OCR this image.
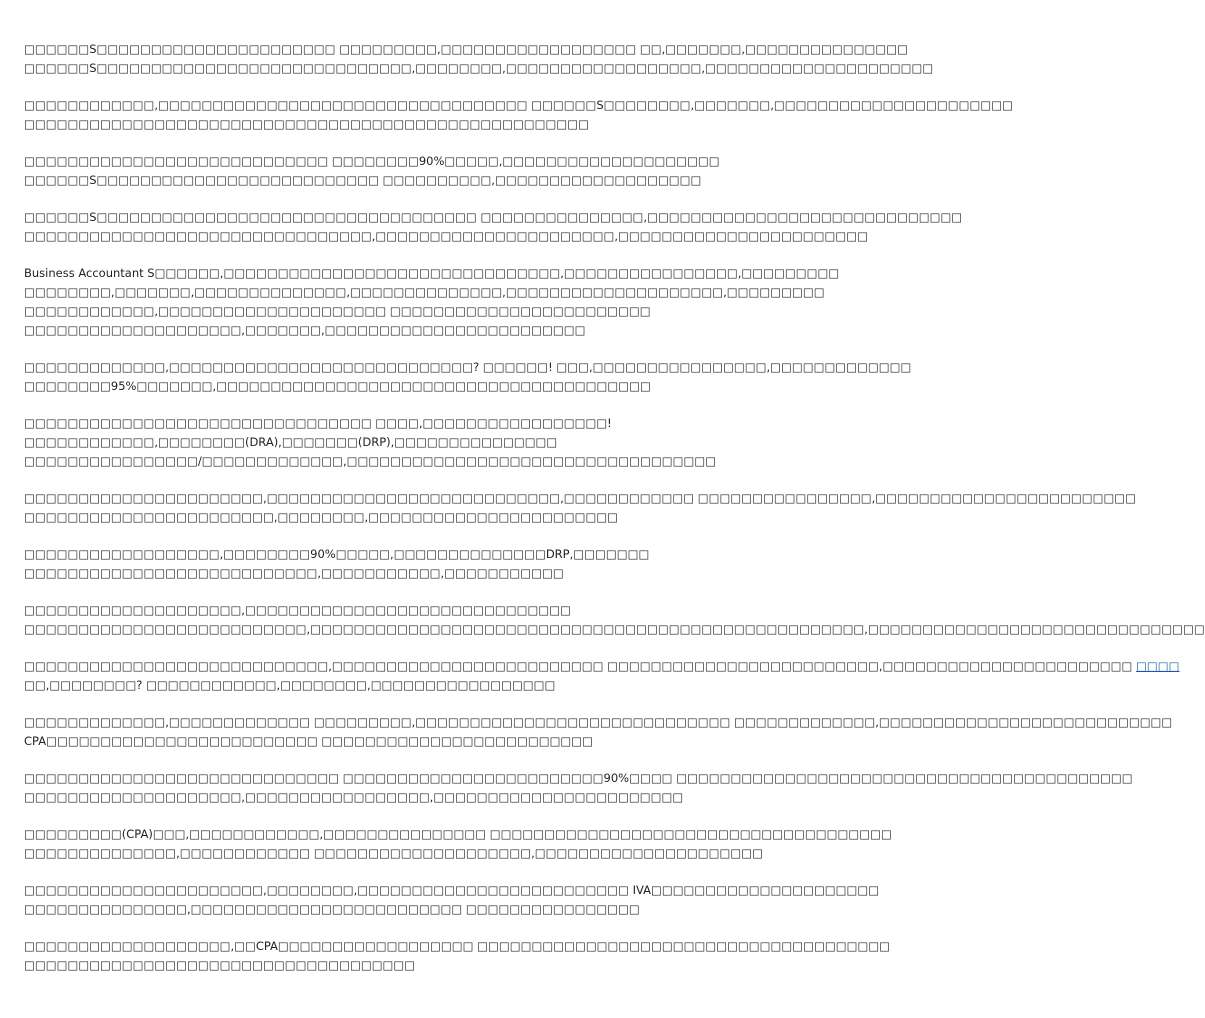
□□□□□□S□□□□□□□□□□□□□□□□□□□□□□ □□□□□□□□□,□□□□□□□□□□□□□□□□□□ □□,□□□□□□□,□□□□□□□□□□□□□□□
□□□□□□S□□□□□□□□□□□□□□□□□□□□□□□□□□□□□,□□□□□□□□,□□□□□□□□□□□□□□□□□□,□□□□□□□□□□□□□□□□□□□□□

□□□□□□□□□□□□,□□□□□□□□□□□□□□□□□□□□□□□□□□□□□□□□□□ □□□□□□S□□□□□□□□,□□□□□□□,□□□□□□□□□□□□□□□□□□□□□□
□□□□□□□□□□□□□□□□□□□□□□□□□□□□□□□□□□□□□□□□□□□□□□□□□□□□

□□□□□□□□□□□□□□□□□□□□□□□□□□□□ □□□□□□□□90%□□□□□,□□□□□□□□□□□□□□□□□□□□
□□□□□□S□□□□□□□□□□□□□□□□□□□□□□□□□□ □□□□□□□□□□,□□□□□□□□□□□□□□□□□□□

□□□□□□S□□□□□□□□□□□□□□□□□□□□□□□□□□□□□□□□□□□ □□□□□□□□□□□□□□□,□□□□□□□□□□□□□□□□□□□□□□□□□□□□□
□□□□□□□□□□□□□□□□□□□□□□□□□□□□□□□□,□□□□□□□□□□□□□□□□□□□□□□,□□□□□□□□□□□□□□□□□□□□□□□

Business Accountant S□□□□□□,□□□□□□□□□□□□□□□□□□□□□□□□□□□□□□□,□□□□□□□□□□□□□□□□,□□□□□□□□□
□□□□□□□□,□□□□□□□,□□□□□□□□□□□□□□,□□□□□□□□□□□□□□,□□□□□□□□□□□□□□□□□□□□,□□□□□□□□□
□□□□□□□□□□□□,□□□□□□□□□□□□□□□□□□□□□ □□□□□□□□□□□□□□□□□□□□□□□□
□□□□□□□□□□□□□□□□□□□□,□□□□□□□,□□□□□□□□□□□□□□□□□□□□□□□□

□□□□□□□□□□□□□,□□□□□□□□□□□□□□□□□□□□□□□□□□□□? □□□□□□! □□□,□□□□□□□□□□□□□□□□,□□□□□□□□□□□□□
□□□□□□□□95%□□□□□□□,□□□□□□□□□□□□□□□□□□□□□□□□□□□□□□□□□□□□□□□□

□□□□□□□□□□□□□□□□□□□□□□□□□□□□□□□□ □□□□,□□□□□□□□□□□□□□□□□!
□□□□□□□□□□□□,□□□□□□□□(DRA),□□□□□□□(DRP),□□□□□□□□□□□□□□□
□□□□□□□□□□□□□□□□/□□□□□□□□□□□□□,□□□□□□□□□□□□□□□□□□□□□□□□□□□□□□□□□□

□□□□□□□□□□□□□□□□□□□□□□,□□□□□□□□□□□□□□□□□□□□□□□□□□□,□□□□□□□□□□□□ □□□□□□□□□□□□□□□□,□□□□□□□□□□□□□□□□□□□□□□□□
□□□□□□□□□□□□□□□□□□□□□□□,□□□□□□□□,□□□□□□□□□□□□□□□□□□□□□□□

□□□□□□□□□□□□□□□□□□,□□□□□□□□90%□□□□□,□□□□□□□□□□□□□□DRP,□□□□□□□
□□□□□□□□□□□□□□□□□□□□□□□□□□□,□□□□□□□□□□□,□□□□□□□□□□□

□□□□□□□□□□□□□□□□□□□□,□□□□□□□□□□□□□□□□□□□□□□□□□□□□□□
□□□□□□□□□□□□□□□□□□□□□□□□□□,□□□□□□□□□□□□□□□□□□□□□□□□□□□□□□□□□□□□□□□□□□□□□□□□□□□,□□□□□□□□□□□□□□□□□□□□□□□□□□□□□□□

□□□□□□□□□□□□□□□□□□□□□□□□□□□□,□□□□□□□□□□□□□□□□□□□□□□□□□ □□□□□□□□□□□□□□□□□□□□□□□□□,□□□□□□□□□□□□□□□□□□□□□□□ □□□□
□□,□□□□□□□□? □□□□□□□□□□□□,□□□□□□□□,□□□□□□□□□□□□□□□□□

□□□□□□□□□□□□□,□□□□□□□□□□□□□ □□□□□□□□□,□□□□□□□□□□□□□□□□□□□□□□□□□□□□□ □□□□□□□□□□□□□,□□□□□□□□□□□□□□□□□□□□□□□□□□□
CPA□□□□□□□□□□□□□□□□□□□□□□□□□ □□□□□□□□□□□□□□□□□□□□□□□□□

□□□□□□□□□□□□□□□□□□□□□□□□□□□□□ □□□□□□□□□□□□□□□□□□□□□□□□90%□□□□ □□□□□□□□□□□□□□□□□□□□□□□□□□□□□□□□□□□□□□□□□□
□□□□□□□□□□□□□□□□□□□□,□□□□□□□□□□□□□□□□□,□□□□□□□□□□□□□□□□□□□□□□□

□□□□□□□□□(CPA)□□□,□□□□□□□□□□□□,□□□□□□□□□□□□□□□ □□□□□□□□□□□□□□□□□□□□□□□□□□□□□□□□□□□□□
□□□□□□□□□□□□□□,□□□□□□□□□□□□ □□□□□□□□□□□□□□□□□□□□,□□□□□□□□□□□□□□□□□□□□□

□□□□□□□□□□□□□□□□□□□□□□,□□□□□□□□,□□□□□□□□□□□□□□□□□□□□□□□□□ IVA□□□□□□□□□□□□□□□□□□□□□
□□□□□□□□□□□□□□□,□□□□□□□□□□□□□□□□□□□□□□□□□ □□□□□□□□□□□□□□□□

□□□□□□□□□□□□□□□□□□□,□□CPA□□□□□□□□□□□□□□□□□□ □□□□□□□□□□□□□□□□□□□□□□□□□□□□□□□□□□□□□□
□□□□□□□□□□□□□□□□□□□□□□□□□□□□□□□□□□□□
